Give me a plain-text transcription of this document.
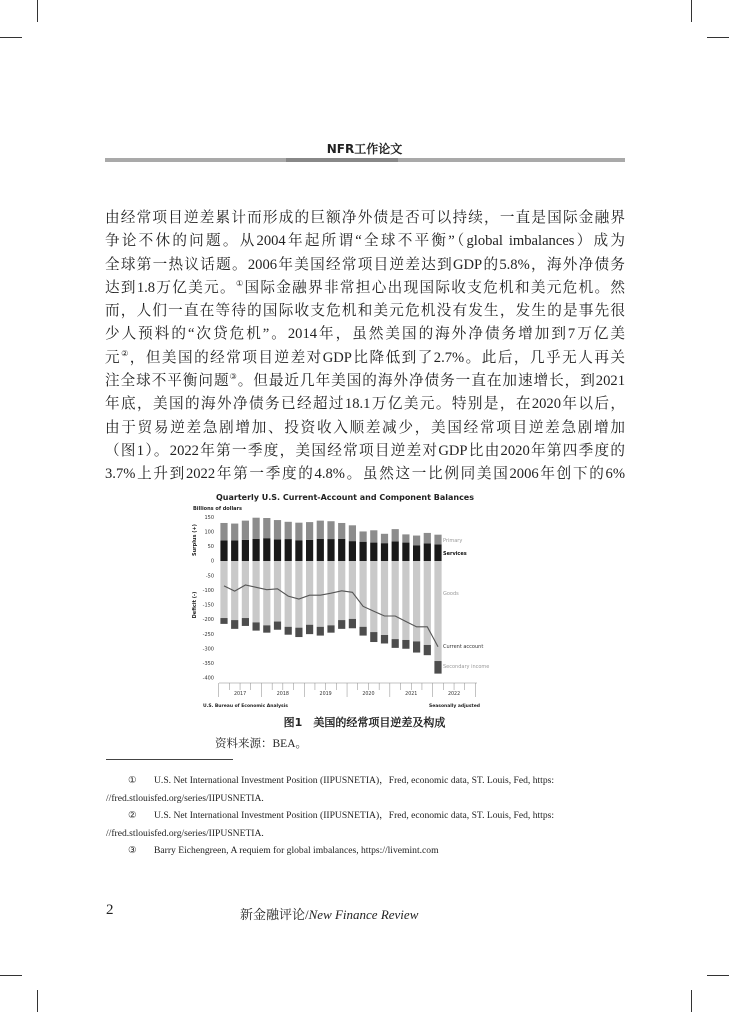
NFR工作论文
由经常项目逆差累计而形成的巨额净外债是否可以持续，一直是国际金融界
争论不休的问题。从2004年起所谓“全球不平衡”（global imbalances）成为
全球第一热议话题。2006年美国经常项目逆差达到GDP的5.8%，海外净债务
达到1.8万亿美元。①国际金融界非常担心出现国际收支危机和美元危机。然
而，人们一直在等待的国际收支危机和美元危机没有发生，发生的是事先很
少人预料的“次贷危机”。2014年，虽然美国的海外净债务增加到7万亿美
元②，但美国的经常项目逆差对GDP比降低到了2.7%。此后，几乎无人再关
注全球不平衡问题③。但最近几年美国的海外净债务一直在加速增长，到2021
年底，美国的海外净债务已经超过18.1万亿美元。特别是，在2020年以后，
由于贸易逆差急剧增加、投资收入顺差减少，美国经常项目逆差急剧增加
（图1）。2022年第一季度，美国经常项目逆差对GDP比由2020年第四季度的
3.7%上升到2022年第一季度的4.8%。虽然这一比例同美国2006年创下的6%
Quarterly U.S. Current-Account and Component Balances
Billions of dollars
Surplus (+)
Deficit (-)
150
100
50
0
-50
-100
-150
-200
-250
-300
-350
-400
2017	2018	2019	2020	2021	2022
Primary
Services
Goods
Current account
Secondary income
U.S. Bureau of Economic Analysis	Seasonally adjusted
图1　美国的经常项目逆差及构成
资料来源：BEA。
① U.S. Net International Investment Position (IIPUSNETIA)，Fred, economic data, ST. Louis, Fed, https:
//fred.stlouisfed.org/series/IIPUSNETIA.
② U.S. Net International Investment Position (IIPUSNETIA)，Fred, economic data, ST. Louis, Fed, https:
//fred.stlouisfed.org/series/IIPUSNETIA.
③ Barry Eichengreen, A requiem for global imbalances, https://livemint.com
2	新金融评论/New Finance Review
